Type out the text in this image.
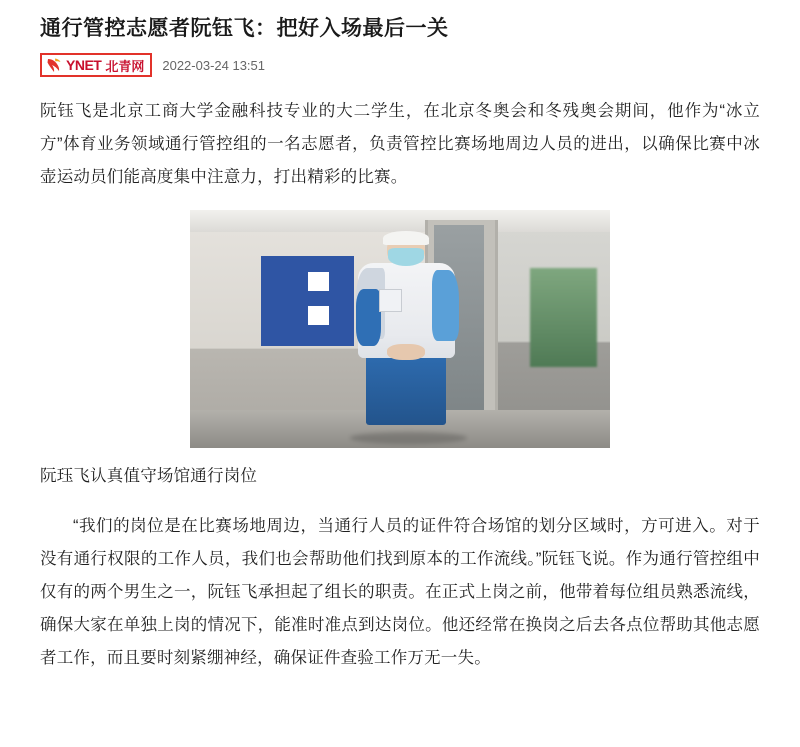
通行管控志愿者阮钰飞：把好入场最后一关
YNET 北青网 2022-03-24 13:51

阮钰飞是北京工商大学金融科技专业的大二学生，在北京冬奥会和冬残奥会期间，他作为“冰立方”体育业务领域通行管控组的一名志愿者，负责管控比赛场地周边人员的进出，以确保比赛中冰壶运动员们能高度集中注意力，打出精彩的比赛。

阮珏飞认真值守场馆通行岗位

“我们的岗位是在比赛场地周边，当通行人员的证件符合场馆的划分区域时，方可进入。对于没有通行权限的工作人员，我们也会帮助他们找到原本的工作流线。”阮钰飞说。作为通行管控组中仅有的两个男生之一，阮钰飞承担起了组长的职责。在正式上岗之前，他带着每位组员熟悉流线，确保大家在单独上岗的情况下，能准时准点到达岗位。他还经常在换岗之后去各点位帮助其他志愿者工作，而且要时刻紧绷神经，确保证件查验工作万无一失。
